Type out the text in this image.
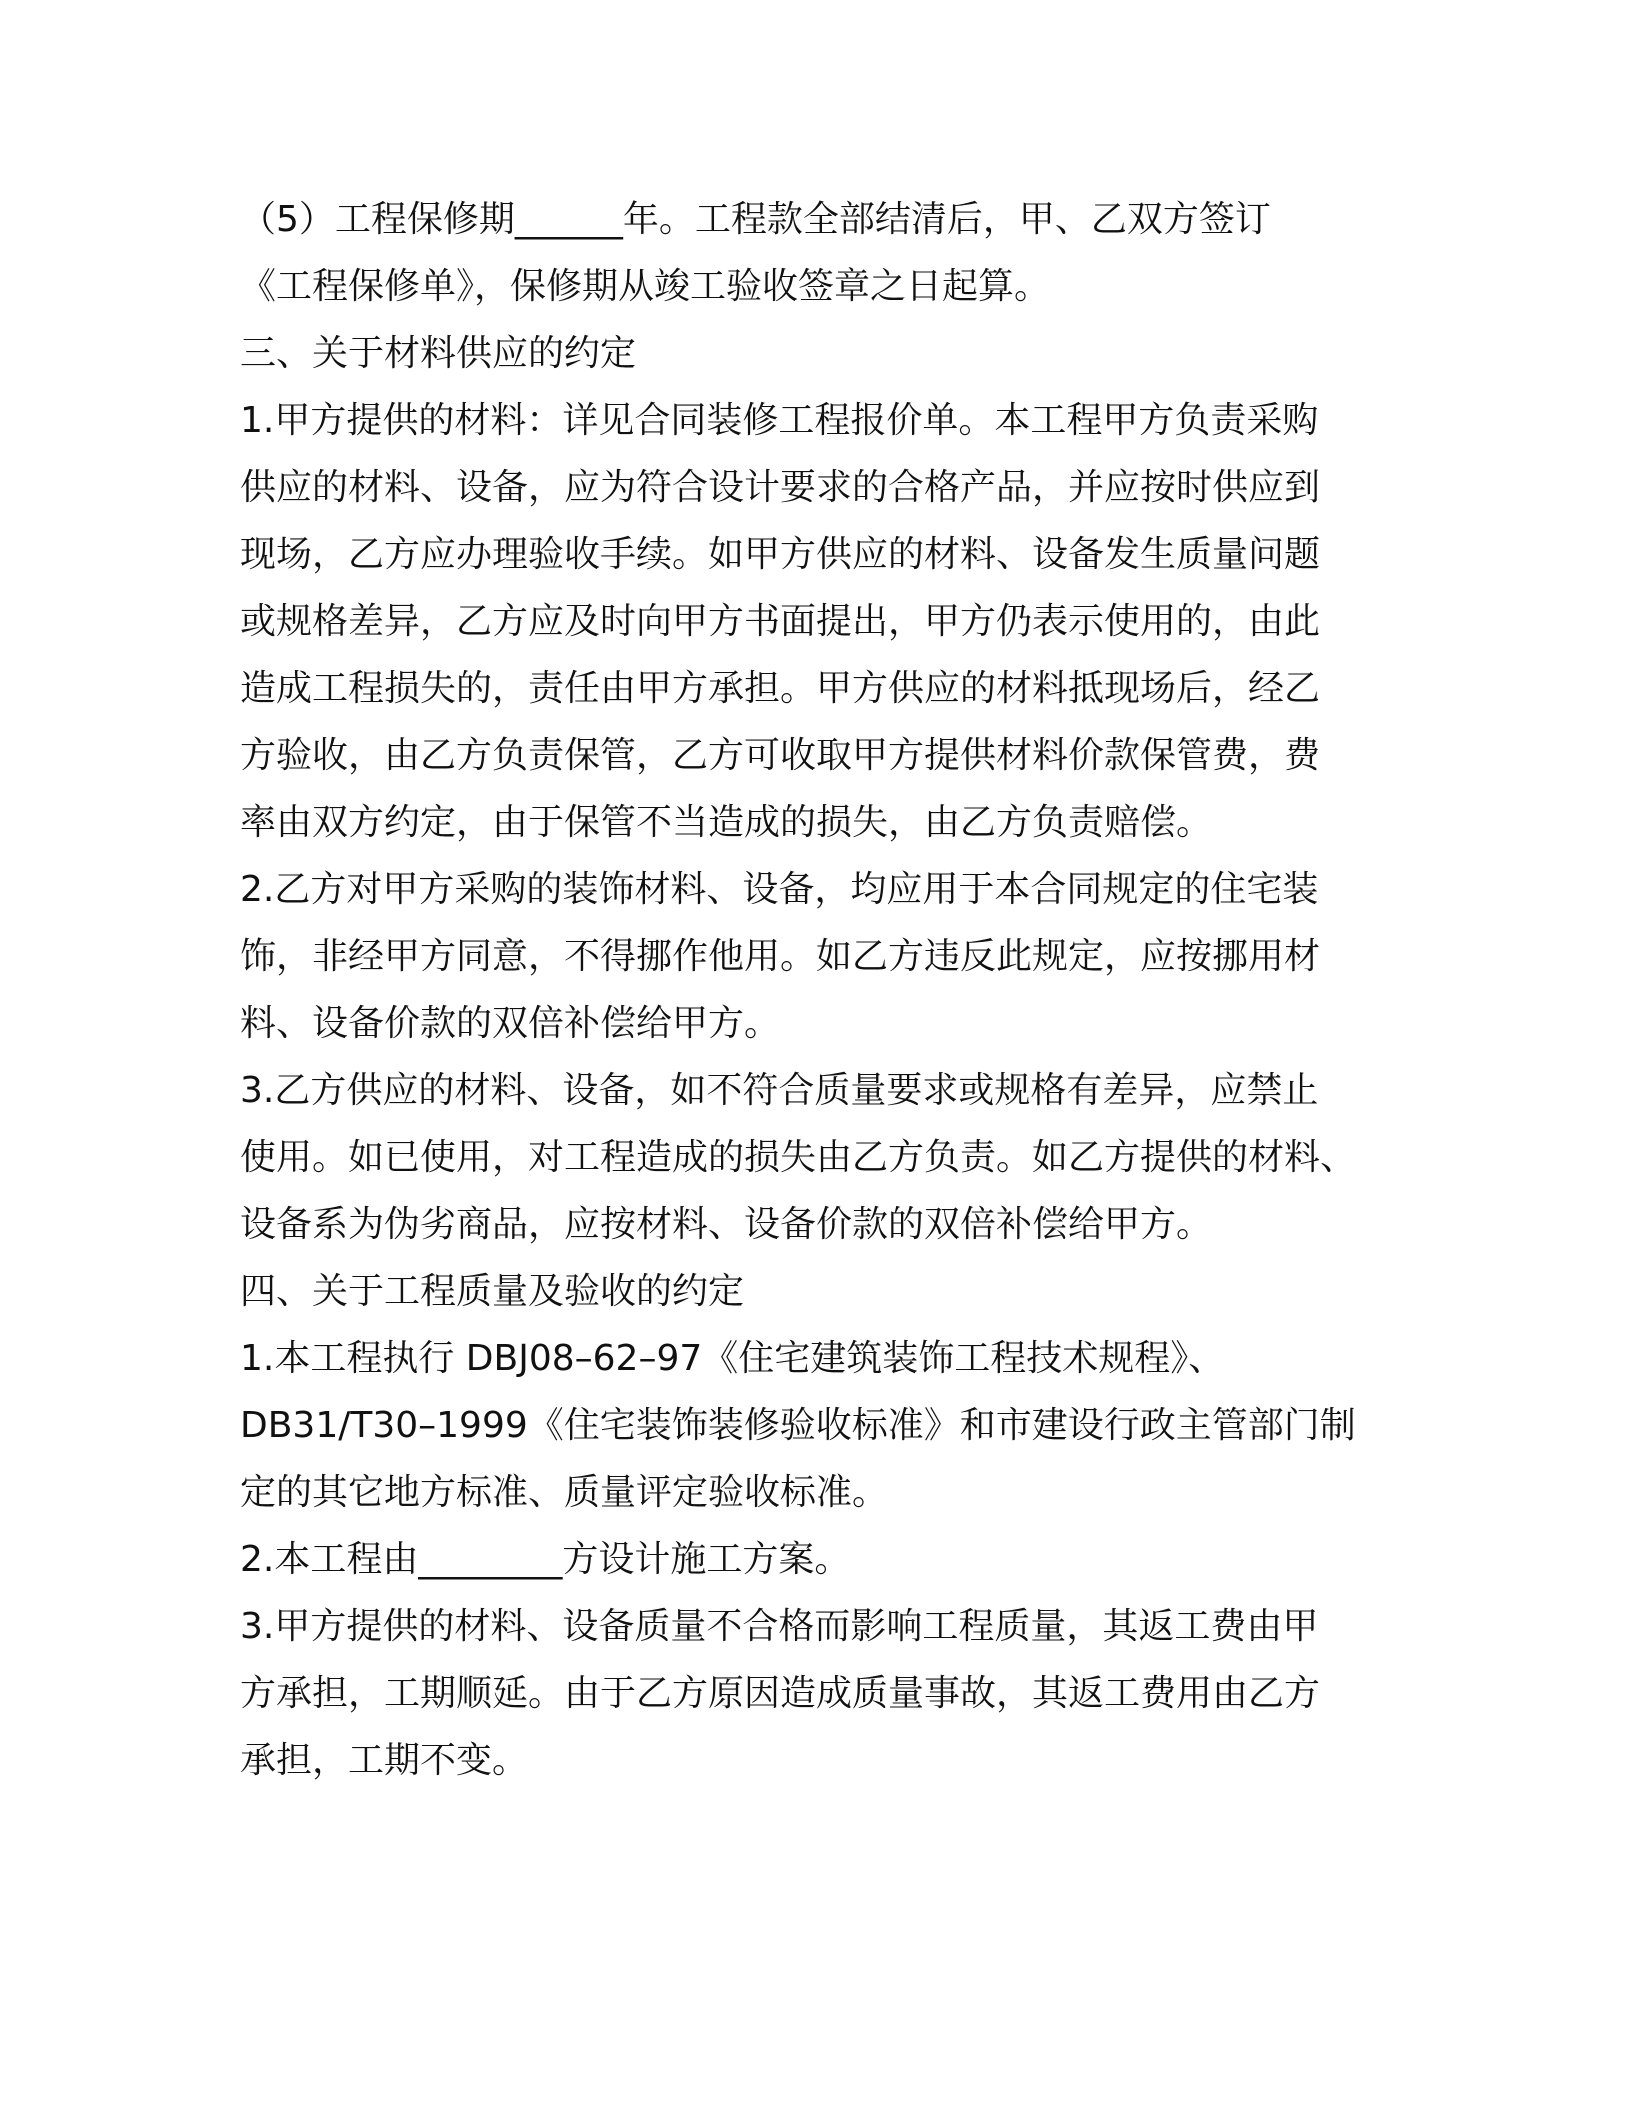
（5）工程保修期______年。工程款全部结清后，甲、乙双方签订
《工程保修单》，保修期从竣工验收签章之日起算。
三、关于材料供应的约定
1.甲方提供的材料：详见合同装修工程报价单。本工程甲方负责采购
供应的材料、设备，应为符合设计要求的合格产品，并应按时供应到
现场，乙方应办理验收手续。如甲方供应的材料、设备发生质量问题
或规格差异，乙方应及时向甲方书面提出，甲方仍表示使用的，由此
造成工程损失的，责任由甲方承担。甲方供应的材料抵现场后，经乙
方验收，由乙方负责保管，乙方可收取甲方提供材料价款保管费，费
率由双方约定，由于保管不当造成的损失，由乙方负责赔偿。
2.乙方对甲方采购的装饰材料、设备，均应用于本合同规定的住宅装
饰，非经甲方同意，不得挪作他用。如乙方违反此规定，应按挪用材
料、设备价款的双倍补偿给甲方。
3.乙方供应的材料、设备，如不符合质量要求或规格有差异，应禁止
使用。如已使用，对工程造成的损失由乙方负责。如乙方提供的材料、
设备系为伪劣商品，应按材料、设备价款的双倍补偿给甲方。
四、关于工程质量及验收的约定
1.本工程执行 DBJ08–62–97《住宅建筑装饰工程技术规程》、
DB31/T30–1999《住宅装饰装修验收标准》和市建设行政主管部门制
定的其它地方标准、质量评定验收标准。
2.本工程由________方设计施工方案。
3.甲方提供的材料、设备质量不合格而影响工程质量，其返工费由甲
方承担，工期顺延。由于乙方原因造成质量事故，其返工费用由乙方
承担，工期不变。
